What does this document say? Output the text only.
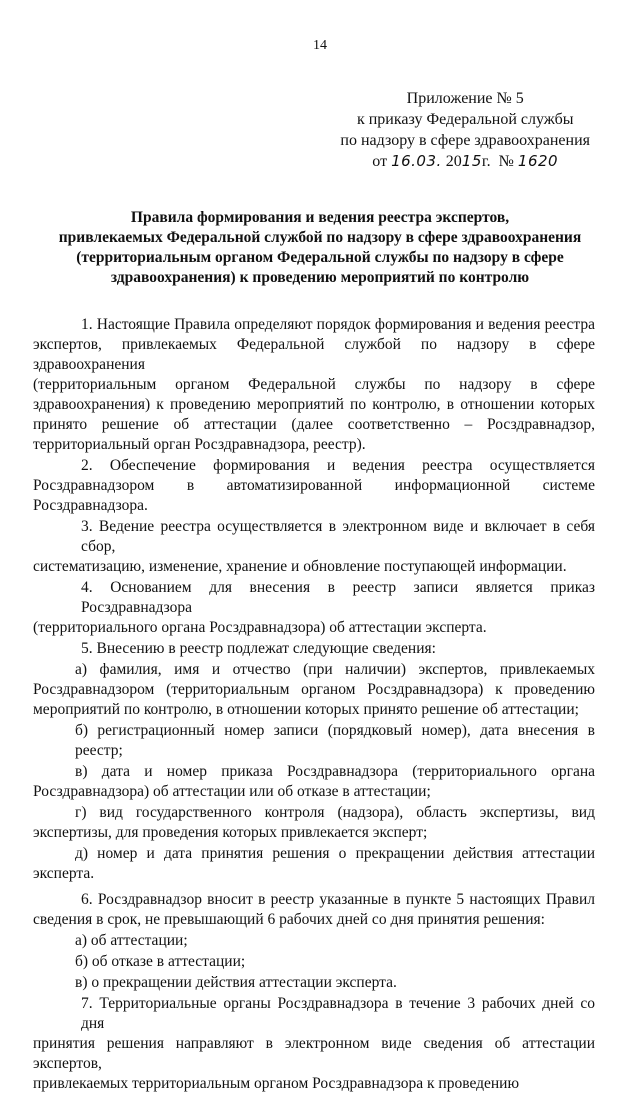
14
Приложение № 5
к приказу Федеральной службы
по надзору в сфере здравоохранения
от 16.03. 2015г. № 1620
Правила формирования и ведения реестра экспертов,
привлекаемых Федеральной службой по надзору в сфере здравоохранения
(территориальным органом Федеральной службы по надзору в сфере
здравоохранения) к проведению мероприятий по контролю
1. Настоящие Правила определяют порядок формирования и ведения реестра
экспертов, привлекаемых Федеральной службой по надзору в сфере здравоохранения
(территориальным органом Федеральной службы по надзору в сфере
здравоохранения) к проведению мероприятий по контролю, в отношении которых
принято решение об аттестации (далее соответственно – Росздравнадзор,
территориальный орган Росздравнадзора, реестр).
2. Обеспечение формирования и ведения реестра осуществляется
Росздравнадзором в автоматизированной информационной системе Росздравнадзора.
3. Ведение реестра осуществляется в электронном виде и включает в себя сбор,
систематизацию, изменение, хранение и обновление поступающей информации.
4. Основанием для внесения в реестр записи является приказ Росздравнадзора
(территориального органа Росздравнадзора) об аттестации эксперта.
5. Внесению в реестр подлежат следующие сведения:
а) фамилия, имя и отчество (при наличии) экспертов, привлекаемых
Росздравнадзором (территориальным органом Росздравнадзора) к проведению
мероприятий по контролю, в отношении которых принято решение об аттестации;
б) регистрационный номер записи (порядковый номер), дата внесения в реестр;
в) дата и номер приказа Росздравнадзора (территориального органа
Росздравнадзора) об аттестации или об отказе в аттестации;
г) вид государственного контроля (надзора), область экспертизы, вид
экспертизы, для проведения которых привлекается эксперт;
д) номер и дата принятия решения о прекращении действия аттестации
эксперта.
6. Росздравнадзор вносит в реестр указанные в пункте 5 настоящих Правил
сведения в срок, не превышающий 6 рабочих дней со дня принятия решения:
а) об аттестации;
б) об отказе в аттестации;
в) о прекращении действия аттестации эксперта.
7. Территориальные органы Росздравнадзора в течение 3 рабочих дней со дня
принятия решения направляют в электронном виде сведения об аттестации экспертов,
привлекаемых территориальным органом Росздравнадзора к проведению
